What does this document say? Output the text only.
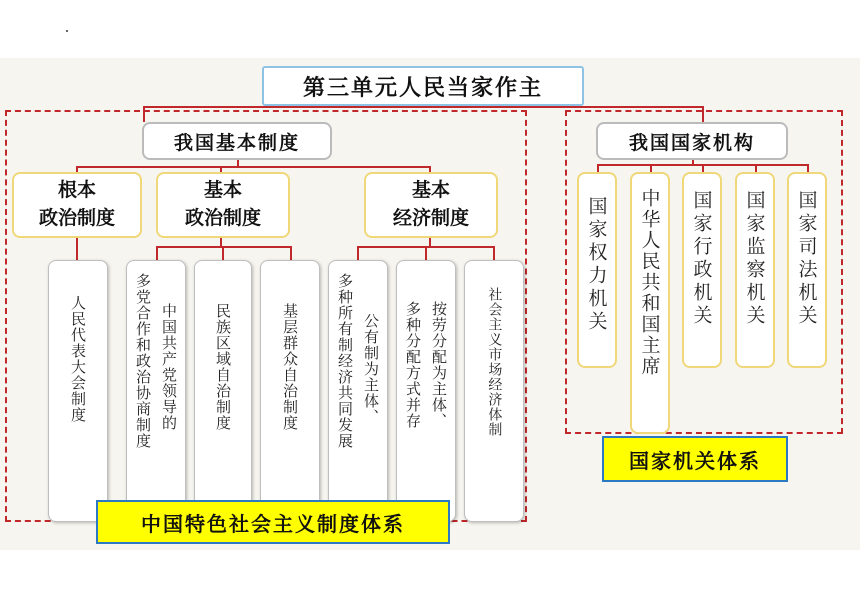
第三单元人民当家作主
我国基本制度
根本
政治制度
基本
政治制度
基本
经济制度
人民代表大会制度	中国共产党领导的
多党合作和政治协商制度	民族区域自治制度	基层群众自治制度	公有制为主体、
多种所有制经济共同发展	按劳分配为主体、
多种分配方式并存	社会主义市场经济体制
中国特色社会主义制度体系
我国国家机构
国家权力机关 中华人民共和国主席 国家行政机关 国家监察机关 国家司法机关
国家机关体系
